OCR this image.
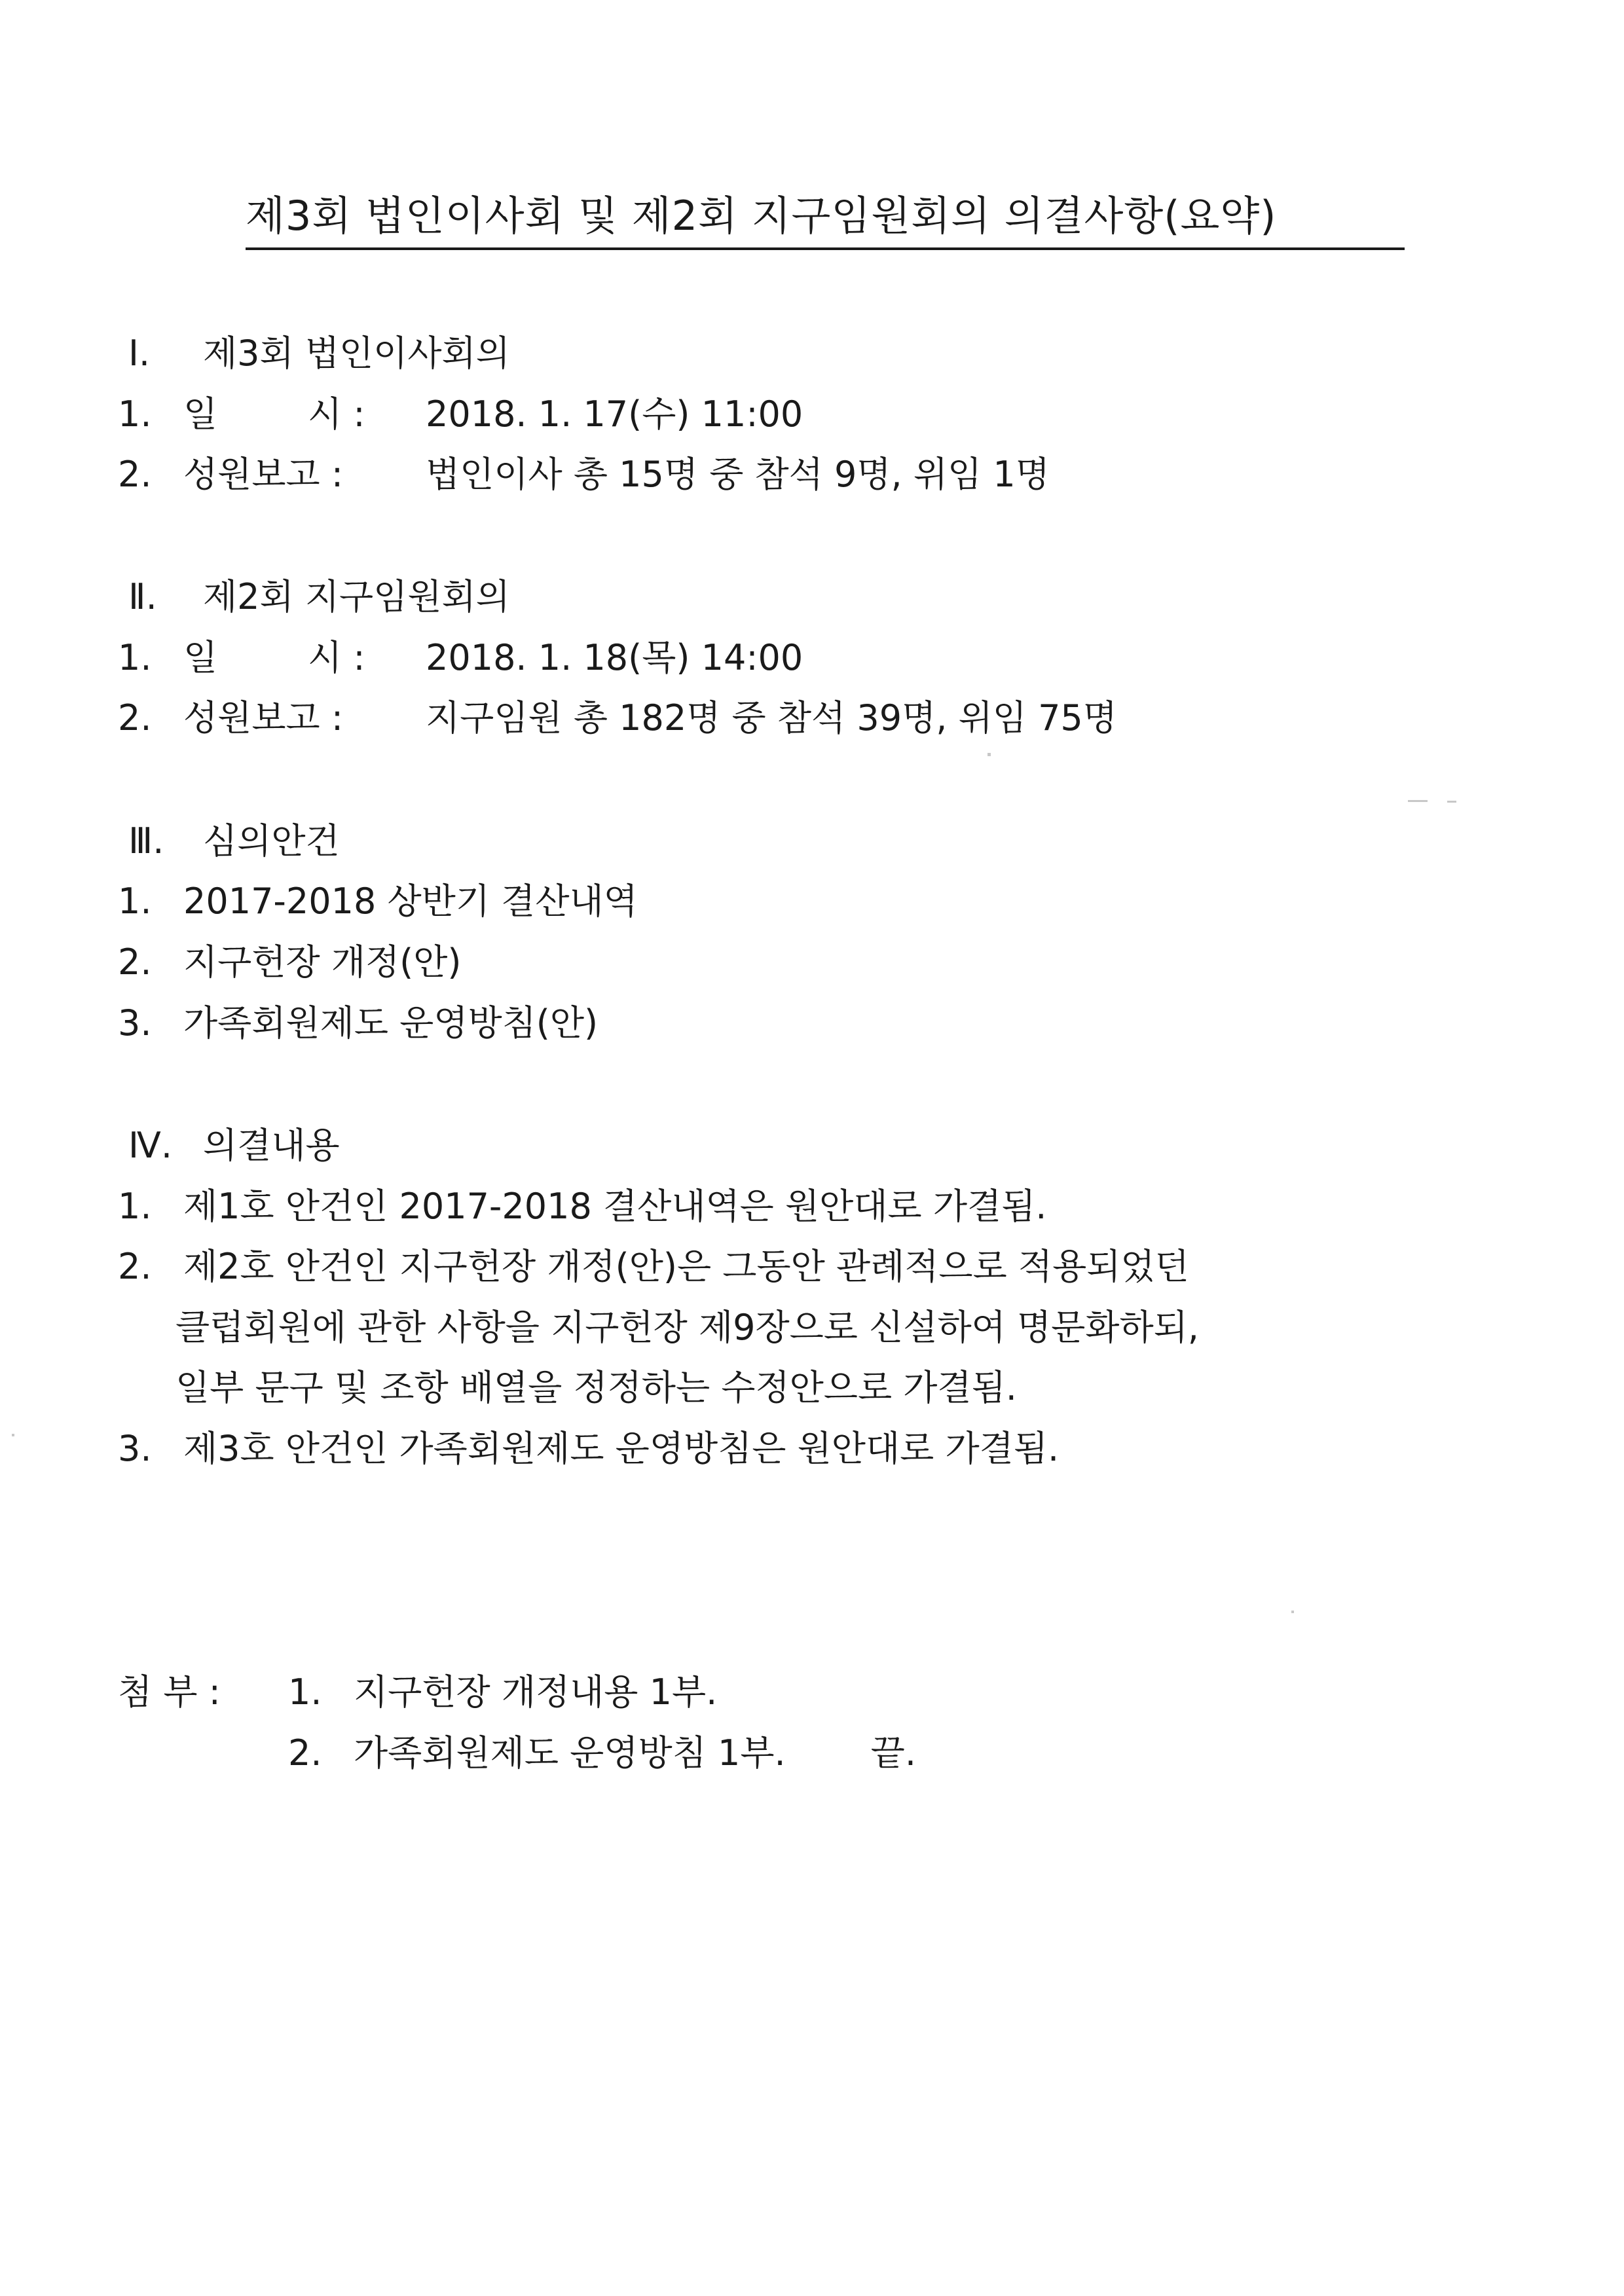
제3회 법인이사회 및 제2회 지구임원회의 의결사항(요약)
Ⅰ. 제3회 법인이사회의
1. 일	시 : 2018. 1. 17(수) 11:00
2. 성원보고 : 법인이사 총 15명 중 참석 9명, 위임 1명
Ⅱ. 제2회 지구임원회의
1. 일	시 : 2018. 1. 18(목) 14:00
2. 성원보고 : 지구임원 총 182명 중 참석 39명, 위임 75명
Ⅲ. 심의안건
1. 2017-2018 상반기 결산내역
2. 지구헌장 개정(안)
3. 가족회원제도 운영방침(안)
Ⅳ. 의결내용
1. 제1호 안건인 2017-2018 결산내역은 원안대로 가결됨.
2. 제2호 안건인 지구헌장 개정(안)은 그동안 관례적으로 적용되었던
클럽회원에 관한 사항을 지구헌장 제9장으로 신설하여 명문화하되,
일부 문구 및 조항 배열을 정정하는 수정안으로 가결됨.
3. 제3호 안건인 가족회원제도 운영방침은 원안대로 가결됨.
첨 부 : 1. 지구헌장 개정내용 1부.
2. 가족회원제도 운영방침 1부. 끝.
